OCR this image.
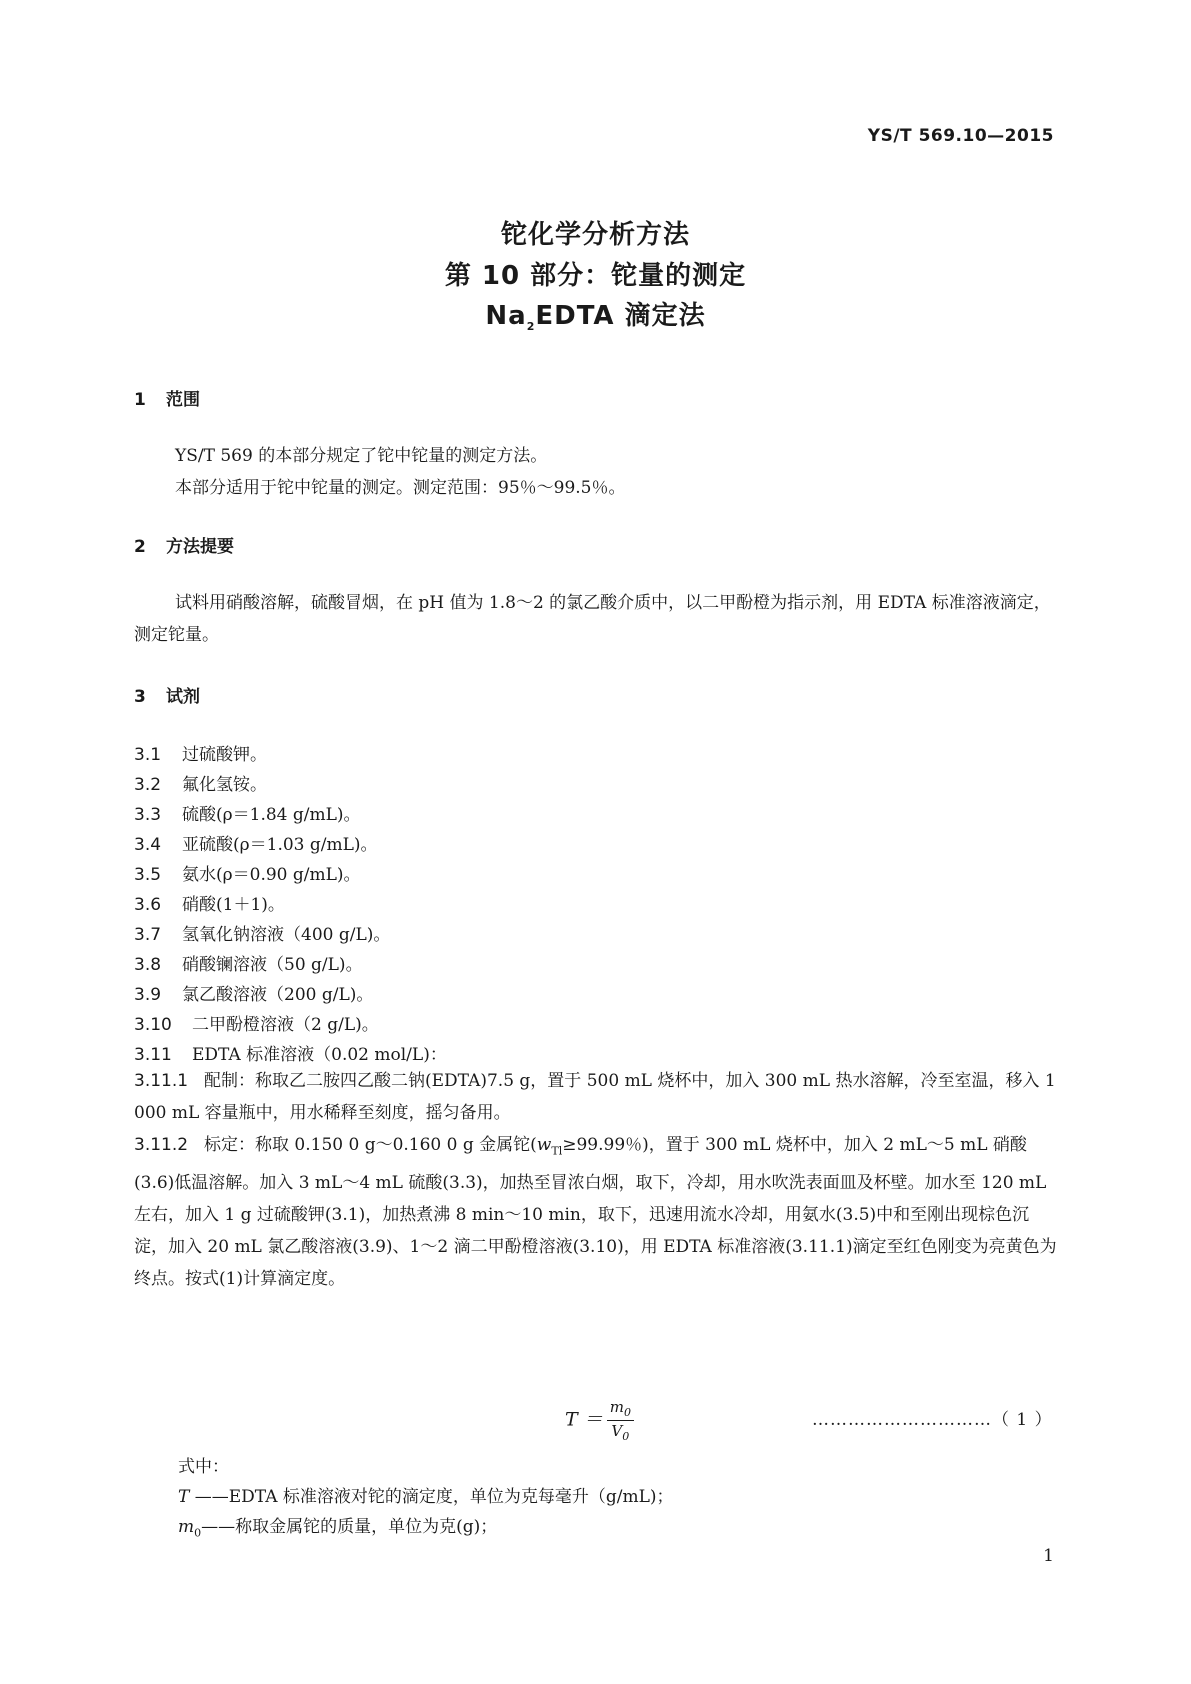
YS/T 569.10—2015
铊化学分析方法
第 10 部分：铊量的测定
$Na_2EDTA$ 滴定法
1 范围
YS/T 569 的本部分规定了铊中铊量的测定方法。
本部分适用于铊中铊量的测定。测定范围：95％～99.5％。
2 方法提要
试料用硝酸溶解，硫酸冒烟，在 pH 值为 1.8～2 的氯乙酸介质中，以二甲酚橙为指示剂，用 EDTA 标准溶液滴定，测定铊量。
3 试剂
3.1 过硫酸钾。
3.2 氟化氢铵。
3.3 硫酸(ρ＝1.84 g/mL)。
3.4 亚硫酸(ρ＝1.03 g/mL)。
3.5 氨水(ρ＝0.90 g/mL)。
3.6 硝酸(1＋1)。
3.7 氢氧化钠溶液（400 g/L)。
3.8 硝酸镧溶液（50 g/L)。
3.9 氯乙酸溶液（200 g/L)。
3.10 二甲酚橙溶液（2 g/L)。
3.11 EDTA 标准溶液（0.02 mol/L)：
3.11.1 配制：称取乙二胺四乙酸二钠(EDTA)7.5 g，置于 500 mL 烧杯中，加入 300 mL 热水溶解，冷至室温，移入 1 000 mL 容量瓶中，用水稀释至刻度，摇匀备用。
3.11.2 标定：称取 0.150 0 g～0.160 0 g 金属铊($w_{Tl}\ge 99.99$％)，置于 300 mL 烧杯中，加入 2 mL～5 mL 硝酸(3.6)低温溶解。加入 3 mL～4 mL 硫酸(3.3)，加热至冒浓白烟，取下，冷却，用水吹洗表面皿及杯壁。加水至 120 mL 左右，加入 1 g 过硫酸钾(3.1)，加热煮沸 8 min～10 min，取下，迅速用流水冷却，用氨水(3.5)中和至刚出现棕色沉淀，加入 20 mL 氯乙酸溶液(3.9)、1～2 滴二甲酚橙溶液(3.10)，用 EDTA 标准溶液(3.11.1)滴定至红色刚变为亮黄色为终点。按式(1)计算滴定度。
$T = \frac{m_0}{V_0}$	…………………………（ 1 ）
式中：
T ——EDTA 标准溶液对铊的滴定度，单位为克每毫升（g/mL)；
$m_0——$称取金属铊的质量，单位为克(g)；
1
